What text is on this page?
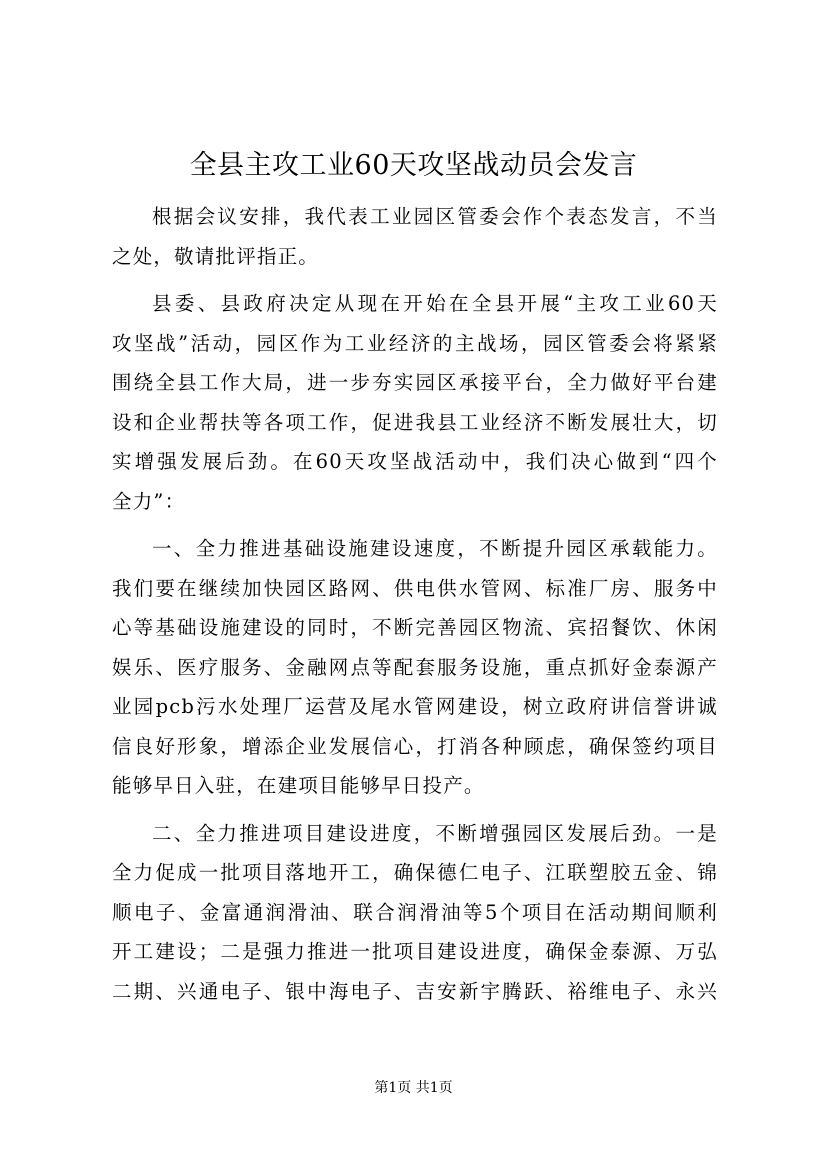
全县主攻工业60天攻坚战动员会发言
根据会议安排，我代表工业园区管委会作个表态发言，不当
之处，敬请批评指正。
县委、县政府决定从现在开始在全县开展“主攻工业60天
攻坚战”活动，园区作为工业经济的主战场，园区管委会将紧紧
围绕全县工作大局，进一步夯实园区承接平台，全力做好平台建
设和企业帮扶等各项工作，促进我县工业经济不断发展壮大，切
实增强发展后劲。在60天攻坚战活动中，我们决心做到“四个
全力”：
一、全力推进基础设施建设速度，不断提升园区承载能力。
我们要在继续加快园区路网、供电供水管网、标准厂房、服务中
心等基础设施建设的同时，不断完善园区物流、宾招餐饮、休闲
娱乐、医疗服务、金融网点等配套服务设施，重点抓好金泰源产
业园pcb污水处理厂运营及尾水管网建设，树立政府讲信誉讲诚
信良好形象，增添企业发展信心，打消各种顾虑，确保签约项目
能够早日入驻，在建项目能够早日投产。
二、全力推进项目建设进度，不断增强园区发展后劲。一是
全力促成一批项目落地开工，确保德仁电子、江联塑胶五金、锦
顺电子、金富通润滑油、联合润滑油等5个项目在活动期间顺利
开工建设；二是强力推进一批项目建设进度，确保金泰源、万弘
二期、兴通电子、银中海电子、吉安新宇腾跃、裕维电子、永兴
第1页 共1页
